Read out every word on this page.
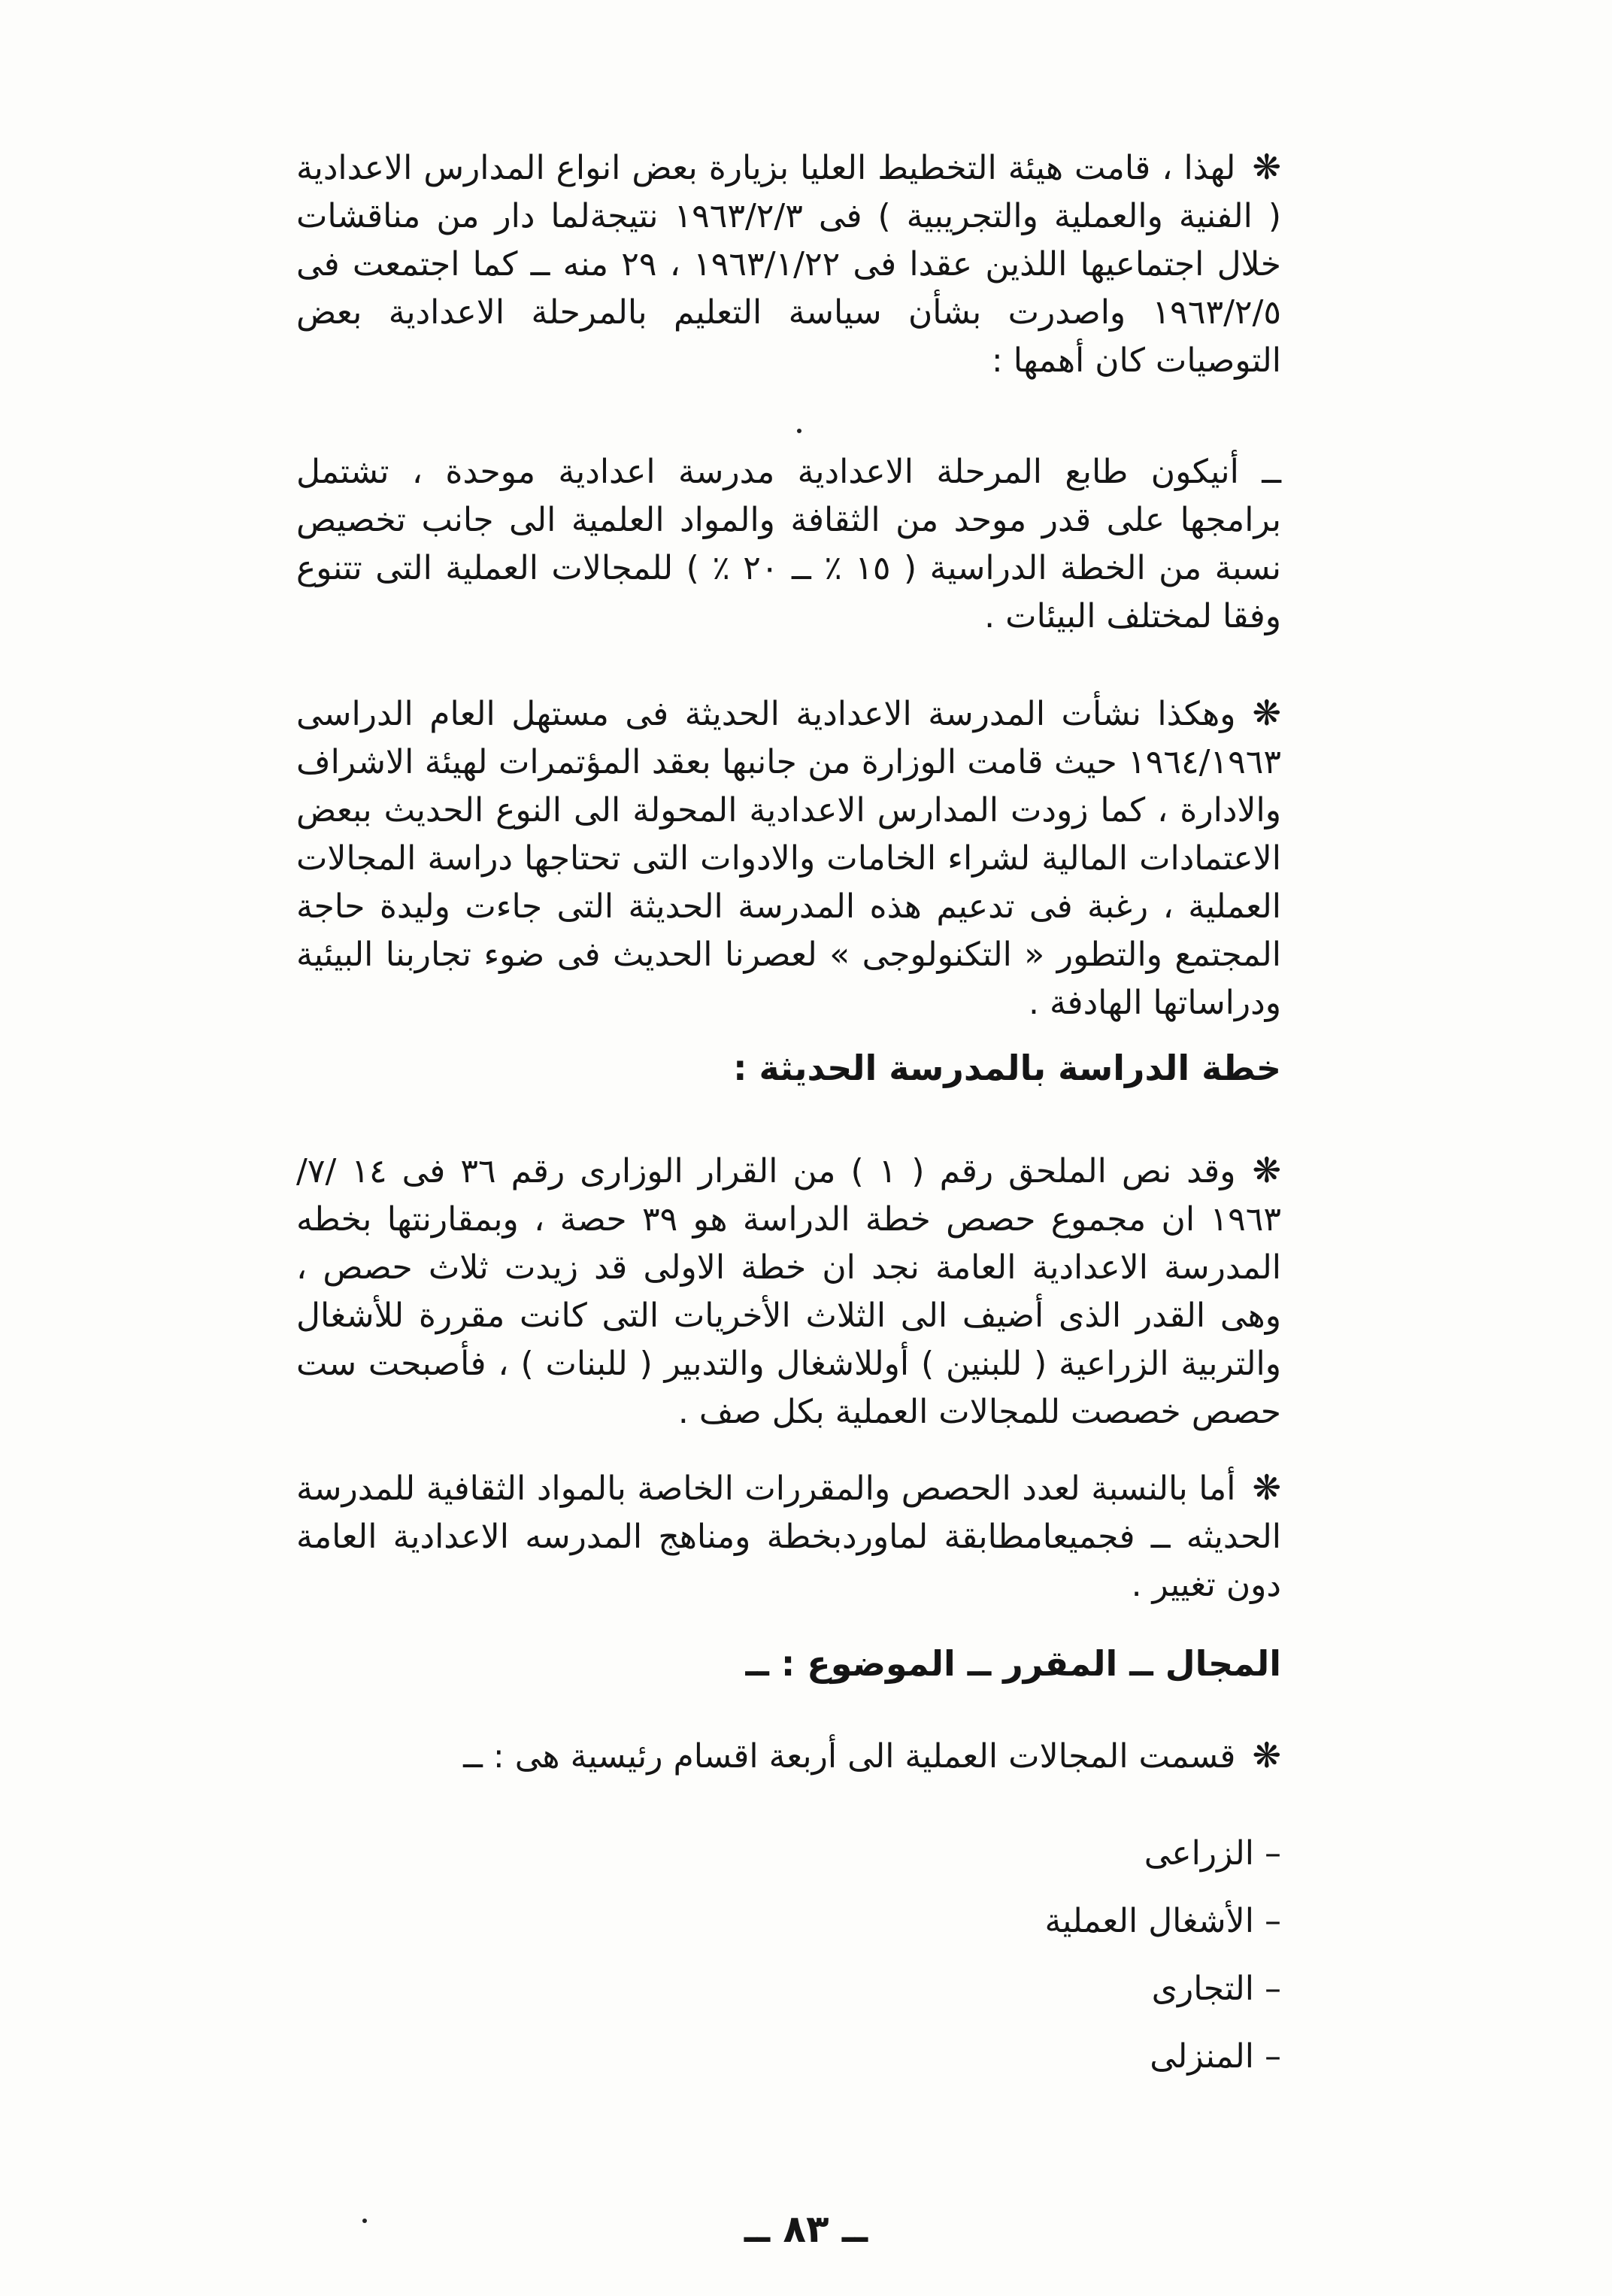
❋لهذا ، قامت هيئة التخطيط العليا بزيارة بعض انواع المدارس الاعدادية ( الفنية والعملية والتجريبية ) فى ١٩٦٣/٢/٣ نتيجةلما دار من مناقشات خلال اجتماعيها اللذين عقدا فى ١٩٦٣/١/٢٢ ، ٢٩ منه ــ كما اجتمعت فى ١٩٦٣/٢/٥ واصدرت بشأن سياسة التعليم بالمرحلة الاعدادية بعض التوصيات كان أهمها :

ــ أنيكون طابع المرحلة الاعدادية مدرسة اعدادية موحدة ، تشتمل برامجها على قدر موحد من الثقافة والمواد العلمية الى جانب تخصيص نسبة من الخطة الدراسية ( ١٥ ٪ ــ ٢٠ ٪ ) للمجالات العملية التى تتنوع وفقا لمختلف البيئات .

❋وهكذا نشأت المدرسة الاعدادية الحديثة فى مستهل العام الدراسى ١٩٦٤/١٩٦٣ حيث قامت الوزارة من جانبها بعقد المؤتمرات لهيئة الاشراف والادارة ، كما زودت المدارس الاعدادية المحولة الى النوع الحديث ببعض الاعتمادات المالية لشراء الخامات والادوات التى تحتاجها دراسة المجالات العملية ، رغبة فى تدعيم هذه المدرسة الحديثة التى جاءت وليدة حاجة المجتمع والتطور « التكنولوجى » لعصرنا الحديث فى ضوء تجاربنا البيئية ودراساتها الهادفة .

خطة الدراسة بالمدرسة الحديثة :

❋وقد نص الملحق رقم ( ١ ) من القرار الوزارى رقم ٣٦ فى ١٤ /٧/ ١٩٦٣ ان مجموع حصص خطة الدراسة هو ٣٩ حصة ، وبمقارنتها بخطه المدرسة الاعدادية العامة نجد ان خطة الاولى قد زيدت ثلاث حصص ، وهى القدر الذى أضيف الى الثلاث الأخريات التى كانت مقررة للأشغال والتربية الزراعية ( للبنين ) أوللاشغال والتدبير ( للبنات ) ، فأصبحت ست حصص خصصت للمجالات العملية بكل صف .

❋أما بالنسبة لعدد الحصص والمقررات الخاصة بالمواد الثقافية للمدرسة الحديثه ــ فجميعامطابقة لماوردبخطة ومناهج المدرسه الاعدادية العامة دون تغيير .

المجال ــ المقرر ــ الموضوع : ــ

❋قسمت المجالات العملية الى أربعة اقسام رئيسية هى : ــ

– الزراعى
– الأشغال العملية
– التجارى
– المنزلى

ــ ٨٣ ــ
